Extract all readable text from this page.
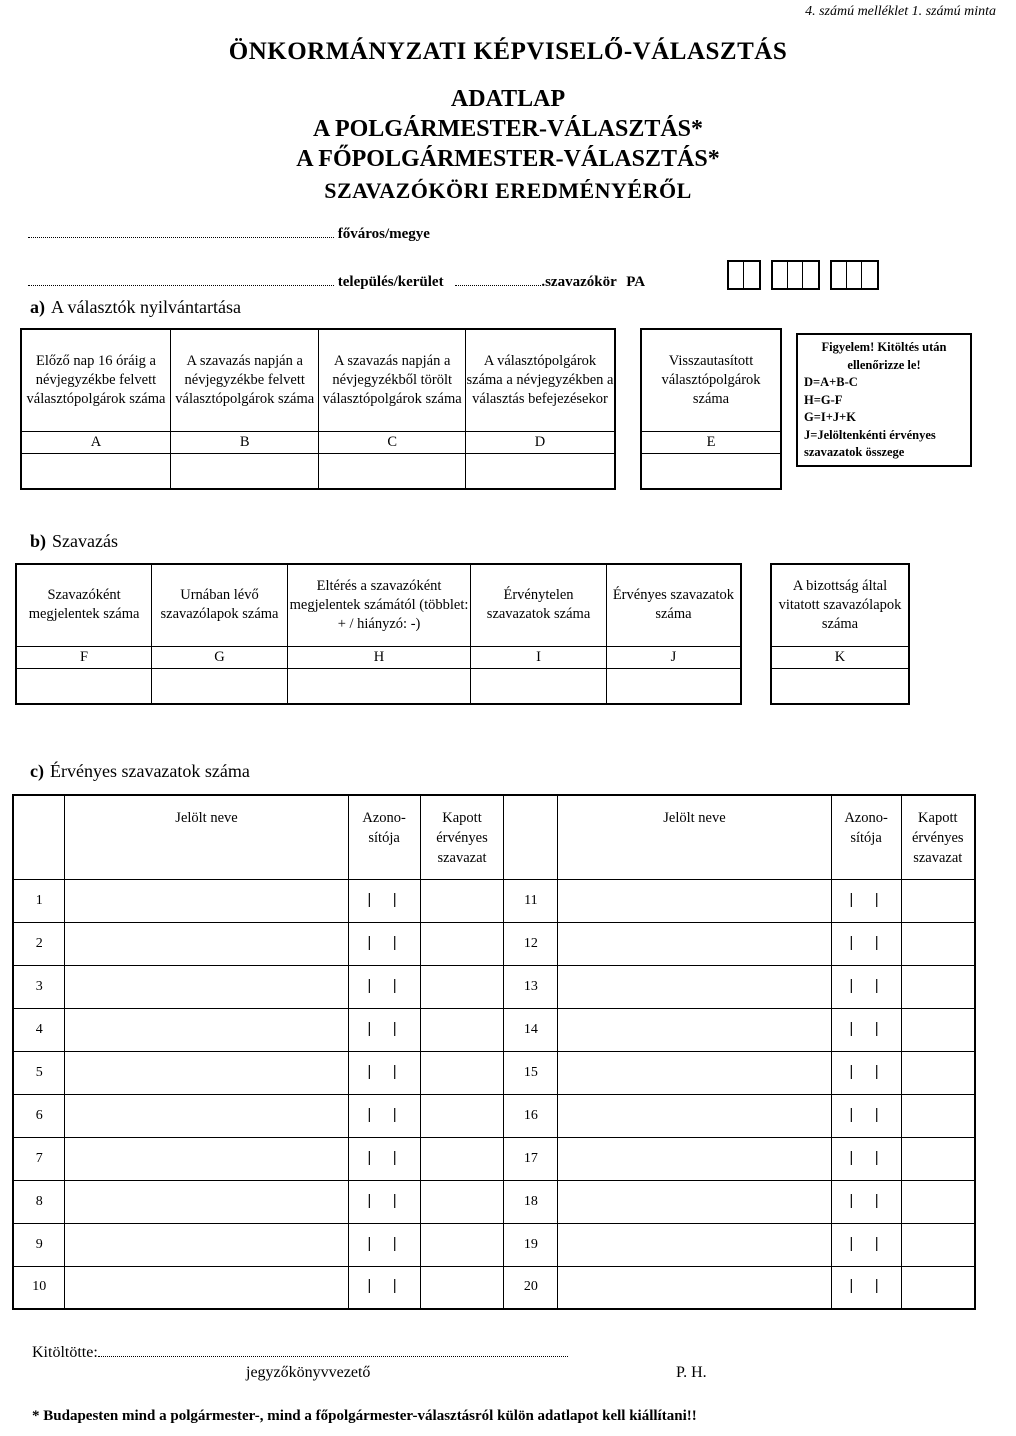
4. számú melléklet 1. számú minta
ÖNKORMÁNYZATI KÉPVISELŐ-VÁLASZTÁS
ADATLAP
A POLGÁRMESTER-VÁLASZTÁS*
A FŐPOLGÁRMESTER-VÁLASZTÁS*
SZAVAZÓKÖRI EREDMÉNYÉRŐL
főváros/megye
település/kerület	.szavazókör PA
a) A választók nyilvántartása
Előző nap 16 óráig a névjegyzékbe felvett választópolgárok száma	A szavazás napján a névjegyzékbe felvett választópolgárok száma	A szavazás napján a névjegyzékből törölt választópolgárok száma	A választópolgárok száma a névjegyzékben a választás befejezésekor
A	B	C	D

Visszautasított választópolgárok száma
E

Figyelem! Kitöltés után ellenőrizze le!
D=A+B-C
H=G-F
G=I+J+K
J=Jelöltenkénti érvényes szavazatok összege
b) Szavazás
Szavazóként megjelentek száma	Urnában lévő szavazólapok száma	Eltérés a szavazóként megjelentek számától (többlet: + / hiányzó: -)	Érvénytelen szavazatok száma	Érvényes szavazatok száma
F	G	H	I	J

A bizottság által vitatott szavazólapok száma
K

c) Érvényes szavazatok száma
	Jelölt neve	Azono-sítója	Kapott érvényes szavazat		Jelölt neve	Azono-sítója	Kapott érvényes szavazat
1		| |		11		| |	
2		| |		12		| |	
3		| |		13		| |	
4		| |		14		| |	
5		| |		15		| |	
6		| |		16		| |	
7		| |		17		| |	
8		| |		18		| |	
9		| |		19		| |	
10		| |		20		| |	
Kitöltötte:
jegyzőkönyvvezető	P. H.
* Budapesten mind a polgármester-, mind a főpolgármester-választásról külön adatlapot kell kiállítani!!
